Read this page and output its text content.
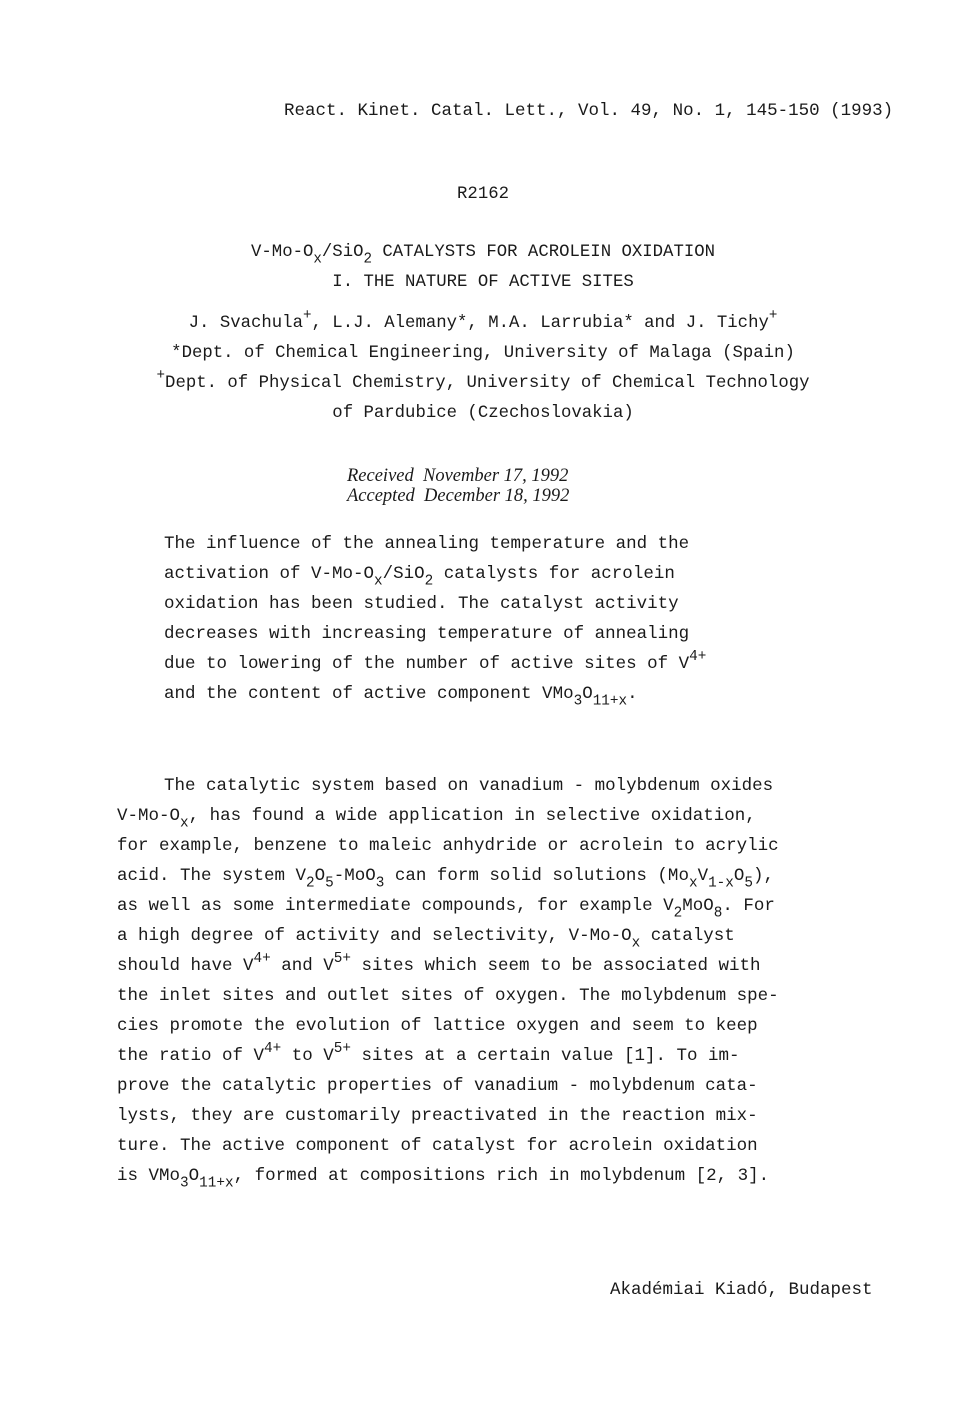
React. Kinet. Catal. Lett., Vol. 49, No. 1, 145-150 (1993)
R2162
$V-Mo-O_x/SiO_2$ CATALYSTS FOR ACROLEIN OXIDATION
I. THE NATURE OF ACTIVE SITES
J. Svachula+, L.J. Alemany*, M.A. Larrubia* and J. Tichy+
*Dept. of Chemical Engineering, University of Malaga (Spain)
+Dept. of Physical Chemistry, University of Chemical Technology
of Pardubice (Czechoslovakia)
Received November 17, 1992
Accepted December 18, 1992
The influence of the annealing temperature and the
activation of $V-Mo-O_x/SiO_2$ catalysts for acrolein
oxidation has been studied. The catalyst activity
decreases with increasing temperature of annealing
due to lowering of the number of active sites of $V^{4+}$
and the content of active component $VMo_3O_{11+x}$.
The catalytic system based on vanadium - molybdenum oxides
$V-Mo-O_x$, has found a wide application in selective oxidation,
for example, benzene to maleic anhydride or acrolein to acrylic
acid. The system $V_2O_5-MoO_3$ can form solid solutions $(Mo_xV_{1-x}O_5)$,
as well as some intermediate compounds, for example $V_2MoO_8$. For
a high degree of activity and selectivity, $V-Mo-O_x$ catalyst
should have $V^{4+}$ and $V^{5+}$ sites which seem to be associated with
the inlet sites and outlet sites of oxygen. The molybdenum spe-
cies promote the evolution of lattice oxygen and seem to keep
the ratio of $V^{4+}$ to $V^{5+}$ sites at a certain value [1]. To im-
prove the catalytic properties of vanadium - molybdenum cata-
lysts, they are customarily preactivated in the reaction mix-
ture. The active component of catalyst for acrolein oxidation
is $VMo_3O_{11+x}$, formed at compositions rich in molybdenum [2, 3].
Akadémiai Kiadó, Budapest
